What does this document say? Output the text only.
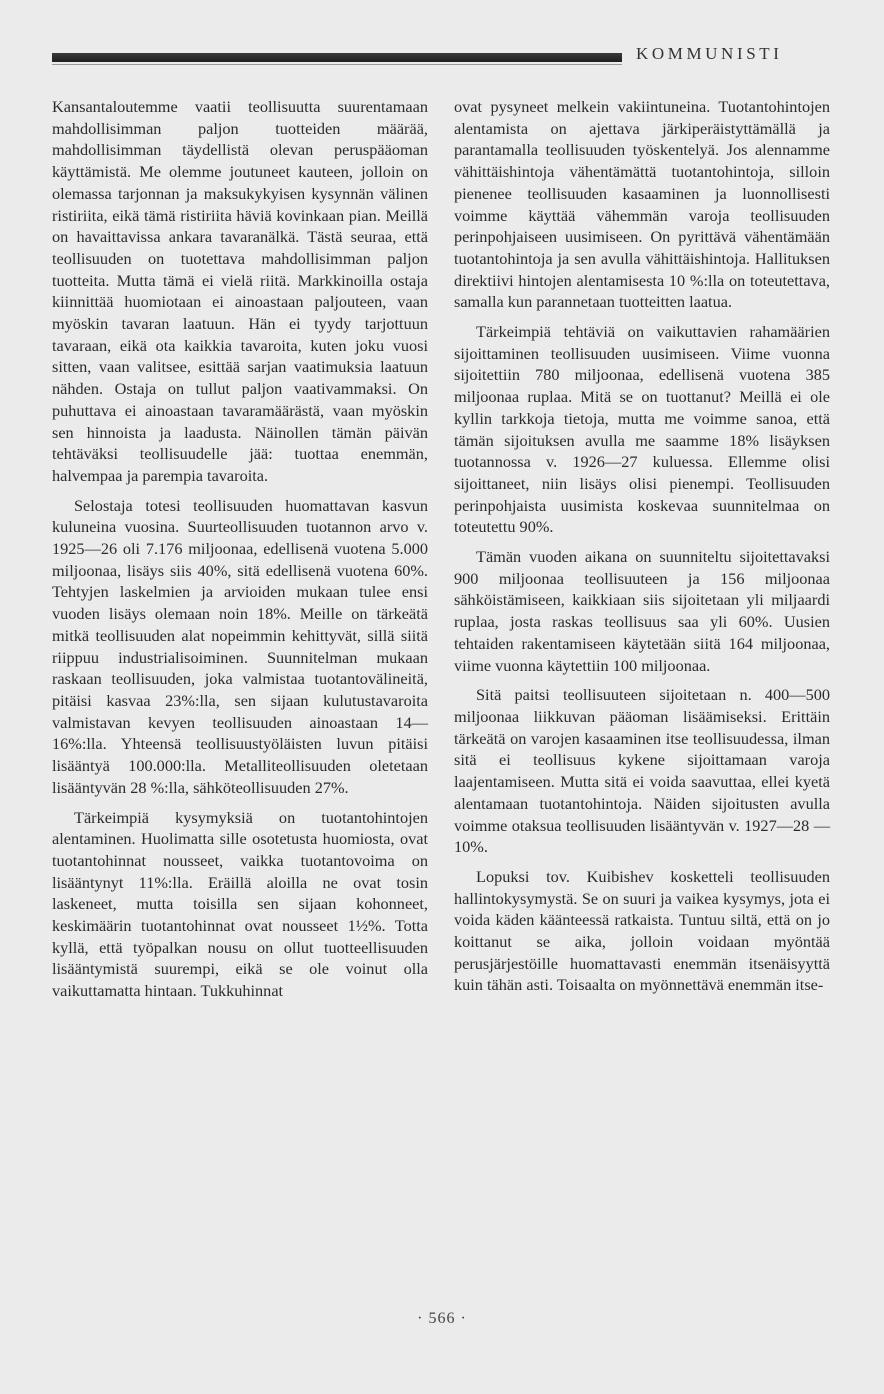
KOMMUNISTI

Kansantaloutemme vaatii teollisuutta suurentamaan mahdollisimman paljon tuotteiden määrää, mahdollisimman täydellistä olevan peruspääoman käyttämistä. Me olemme joutuneet kauteen, jolloin on olemassa tarjonnan ja maksukykyisen kysynnän välinen ristiriita, eikä tämä ristiriita häviä kovinkaan pian. Meillä on havaittavissa ankara tavaranälkä. Tästä seuraa, että teollisuuden on tuotettava mahdollisimman paljon tuotteita. Mutta tämä ei vielä riitä. Markkinoilla ostaja kiinnittää huomiotaan ei ainoastaan paljouteen, vaan myöskin tavaran laatuun. Hän ei tyydy tarjottuun tavaraan, eikä ota kaikkia tavaroita, kuten joku vuosi sitten, vaan valitsee, esittää sarjan vaatimuksia laatuun nähden. Ostaja on tullut paljon vaativammaksi. On puhuttava ei ainoastaan tavaramäärästä, vaan myöskin sen hinnoista ja laadusta. Näinollen tämän päivän tehtäväksi teollisuudelle jää: tuottaa enemmän, halvempaa ja parempia tavaroita.

Selostaja totesi teollisuuden huomattavan kasvun kuluneina vuosina. Suurteollisuuden tuotannon arvo v. 1925—26 oli 7.176 miljoonaa, edellisenä vuotena 5.000 miljoonaa, lisäys siis 40%, sitä edellisenä vuotena 60%. Tehtyjen laskelmien ja arvioiden mukaan tulee ensi vuoden lisäys olemaan noin 18%. Meille on tärkeätä mitkä teollisuuden alat nopeimmin kehittyvät, sillä siitä riippuu industrialisoiminen. Suunnitelman mukaan raskaan teollisuuden, joka valmistaa tuotantovälineitä, pitäisi kasvaa 23%:lla, sen sijaan kulutustavaroita valmistavan kevyen teollisuuden ainoastaan 14—16%:lla. Yhteensä teollisuustyöläisten luvun pitäisi lisääntyä 100.000:lla. Metalliteollisuuden oletetaan lisääntyvän 28 %:lla, sähköteollisuuden 27%.

Tärkeimpiä kysymyksiä on tuotantohintojen alentaminen. Huolimatta sille osotetusta huomiosta, ovat tuotantohinnat nousseet, vaikka tuotantovoima on lisääntynyt 11%:lla. Eräillä aloilla ne ovat tosin laskeneet, mutta toisilla sen sijaan kohonneet, keskimäärin tuotantohinnat ovat nousseet 1½%. Totta kyllä, että työpalkan nousu on ollut tuotteellisuuden lisääntymistä suurempi, eikä se ole voinut olla vaikuttamatta hintaan. Tukkuhinnat

ovat pysyneet melkein vakiintuneina. Tuotantohintojen alentamista on ajettava järkiperäistyttämällä ja parantamalla teollisuuden työskentelyä. Jos alennamme vähittäishintoja vähentämättä tuotantohintoja, silloin pienenee teollisuuden kasaaminen ja luonnollisesti voimme käyttää vähemmän varoja teollisuuden perinpohjaiseen uusimiseen. On pyrittävä vähentämään tuotantohintoja ja sen avulla vähittäishintoja. Hallituksen direktiivi hintojen alentamisesta 10 %:lla on toteutettava, samalla kun parannetaan tuotteitten laatua.

Tärkeimpiä tehtäviä on vaikuttavien rahamäärien sijoittaminen teollisuuden uusimiseen. Viime vuonna sijoitettiin 780 miljoonaa, edellisenä vuotena 385 miljoonaa ruplaa. Mitä se on tuottanut? Meillä ei ole kyllin tarkkoja tietoja, mutta me voimme sanoa, että tämän sijoituksen avulla me saamme 18% lisäyksen tuotannossa v. 1926—27 kuluessa. Ellemme olisi sijoittaneet, niin lisäys olisi pienempi. Teollisuuden perinpohjaista uusimista koskevaa suunnitelmaa on toteutettu 90%.

Tämän vuoden aikana on suunniteltu sijoitettavaksi 900 miljoonaa teollisuuteen ja 156 miljoonaa sähköistämiseen, kaikkiaan siis sijoitetaan yli miljaardi ruplaa, josta raskas teollisuus saa yli 60%. Uusien tehtaiden rakentamiseen käytetään siitä 164 miljoonaa, viime vuonna käytettiin 100 miljoonaa.

Sitä paitsi teollisuuteen sijoitetaan n. 400—500 miljoonaa liikkuvan pääoman lisäämiseksi. Erittäin tärkeätä on varojen kasaaminen itse teollisuudessa, ilman sitä ei teollisuus kykene sijoittamaan varoja laajentamiseen. Mutta sitä ei voida saavuttaa, ellei kyetä alentamaan tuotantohintoja. Näiden sijoitusten avulla voimme otaksua teollisuuden lisääntyvän v. 1927—28 —10%.

Lopuksi tov. Kuibishev kosketteli teollisuuden hallintokysymystä. Se on suuri ja vaikea kysymys, jota ei voida käden käänteessä ratkaista. Tuntuu siltä, että on jo koittanut se aika, jolloin voidaan myöntää perusjärjestöille huomattavasti enemmän itsenäisyyttä kuin tähän asti. Toisaalta on myönnettävä enemmän itse-

· 566 ·
